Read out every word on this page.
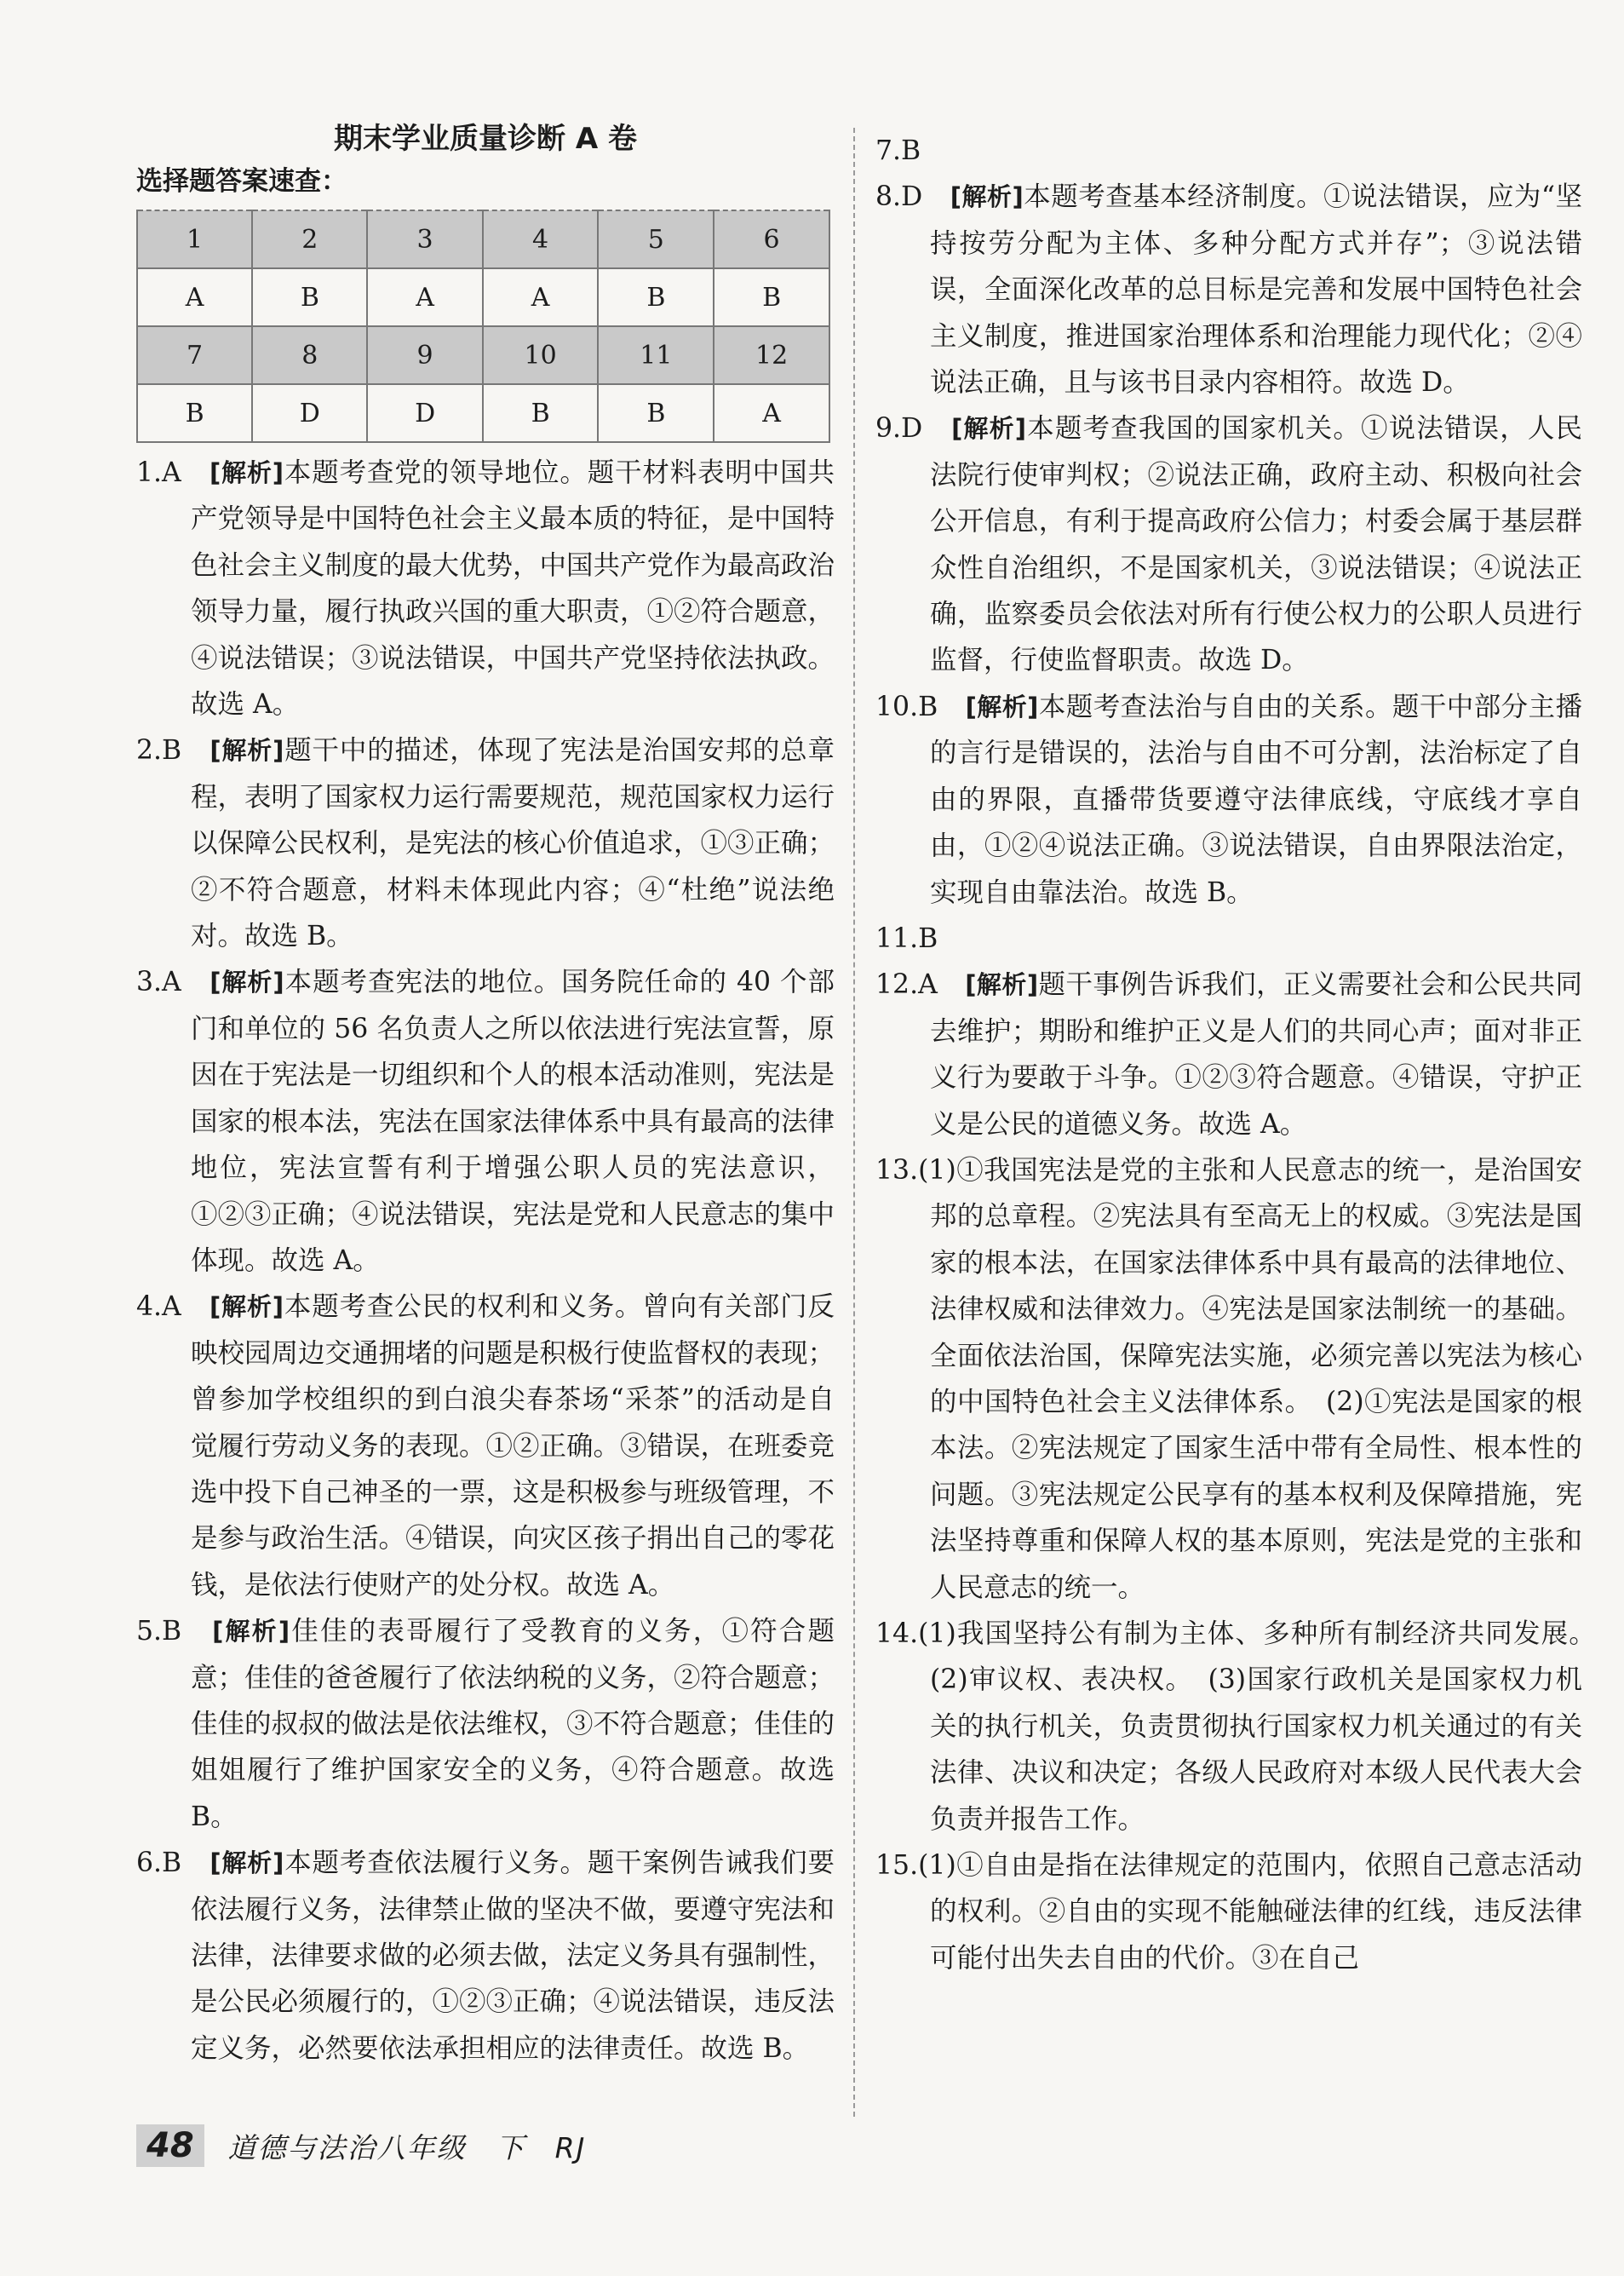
期末学业质量诊断 A 卷
选择题答案速查：
1	2	3	4	5	6
A	B	A	A	B	B
7	8	9	10	11	12
B	D	D	B	B	A
1.A　[解析]本题考查党的领导地位。题干材料表明中国共产党领导是中国特色社会主义最本质的特征，是中国特色社会主义制度的最大优势，中国共产党作为最高政治领导力量，履行执政兴国的重大职责，①②符合题意，④说法错误；③说法错误，中国共产党坚持依法执政。故选 A。
2.B　[解析]题干中的描述，体现了宪法是治国安邦的总章程，表明了国家权力运行需要规范，规范国家权力运行以保障公民权利，是宪法的核心价值追求，①③正确；②不符合题意，材料未体现此内容；④“杜绝”说法绝对。故选 B。
3.A　[解析]本题考查宪法的地位。国务院任命的 40 个部门和单位的 56 名负责人之所以依法进行宪法宣誓，原因在于宪法是一切组织和个人的根本活动准则，宪法是国家的根本法，宪法在国家法律体系中具有最高的法律地位，宪法宣誓有利于增强公职人员的宪法意识，①②③正确；④说法错误，宪法是党和人民意志的集中体现。故选 A。
4.A　[解析]本题考查公民的权利和义务。曾向有关部门反映校园周边交通拥堵的问题是积极行使监督权的表现；曾参加学校组织的到白浪尖春茶场“采茶”的活动是自觉履行劳动义务的表现。①②正确。③错误，在班委竞选中投下自己神圣的一票，这是积极参与班级管理，不是参与政治生活。④错误，向灾区孩子捐出自己的零花钱，是依法行使财产的处分权。故选 A。
5.B　[解析]佳佳的表哥履行了受教育的义务，①符合题意；佳佳的爸爸履行了依法纳税的义务，②符合题意；佳佳的叔叔的做法是依法维权，③不符合题意；佳佳的姐姐履行了维护国家安全的义务，④符合题意。故选 B。
6.B　[解析]本题考查依法履行义务。题干案例告诫我们要依法履行义务，法律禁止做的坚决不做，要遵守宪法和法律，法律要求做的必须去做，法定义务具有强制性，是公民必须履行的，①②③正确；④说法错误，违反法定义务，必然要依法承担相应的法律责任。故选 B。
7.B
8.D　[解析]本题考查基本经济制度。①说法错误，应为“坚持按劳分配为主体、多种分配方式并存”；③说法错误，全面深化改革的总目标是完善和发展中国特色社会主义制度，推进国家治理体系和治理能力现代化；②④说法正确，且与该书目录内容相符。故选 D。
9.D　[解析]本题考查我国的国家机关。①说法错误，人民法院行使审判权；②说法正确，政府主动、积极向社会公开信息，有利于提高政府公信力；村委会属于基层群众性自治组织，不是国家机关，③说法错误；④说法正确，监察委员会依法对所有行使公权力的公职人员进行监督，行使监督职责。故选 D。
10.B　[解析]本题考查法治与自由的关系。题干中部分主播的言行是错误的，法治与自由不可分割，法治标定了自由的界限，直播带货要遵守法律底线，守底线才享自由，①②④说法正确。③说法错误，自由界限法治定，实现自由靠法治。故选 B。
11.B
12.A　[解析]题干事例告诉我们，正义需要社会和公民共同去维护；期盼和维护正义是人们的共同心声；面对非正义行为要敢于斗争。①②③符合题意。④错误，守护正义是公民的道德义务。故选 A。
13.(1)①我国宪法是党的主张和人民意志的统一，是治国安邦的总章程。②宪法具有至高无上的权威。③宪法是国家的根本法，在国家法律体系中具有最高的法律地位、法律权威和法律效力。④宪法是国家法制统一的基础。全面依法治国，保障宪法实施，必须完善以宪法为核心的中国特色社会主义法律体系。　(2)①宪法是国家的根本法。②宪法规定了国家生活中带有全局性、根本性的问题。③宪法规定公民享有的基本权利及保障措施，宪法坚持尊重和保障人权的基本原则，宪法是党的主张和人民意志的统一。
14.(1)我国坚持公有制为主体、多种所有制经济共同发展。　(2)审议权、表决权。　(3)国家行政机关是国家权力机关的执行机关，负责贯彻执行国家权力机关通过的有关法律、决议和决定；各级人民政府对本级人民代表大会负责并报告工作。
15.(1)①自由是指在法律规定的范围内，依照自己意志活动的权利。②自由的实现不能触碰法律的红线，违反法律可能付出失去自由的代价。③在自己
48	道德与法治八年级 下 RJ
